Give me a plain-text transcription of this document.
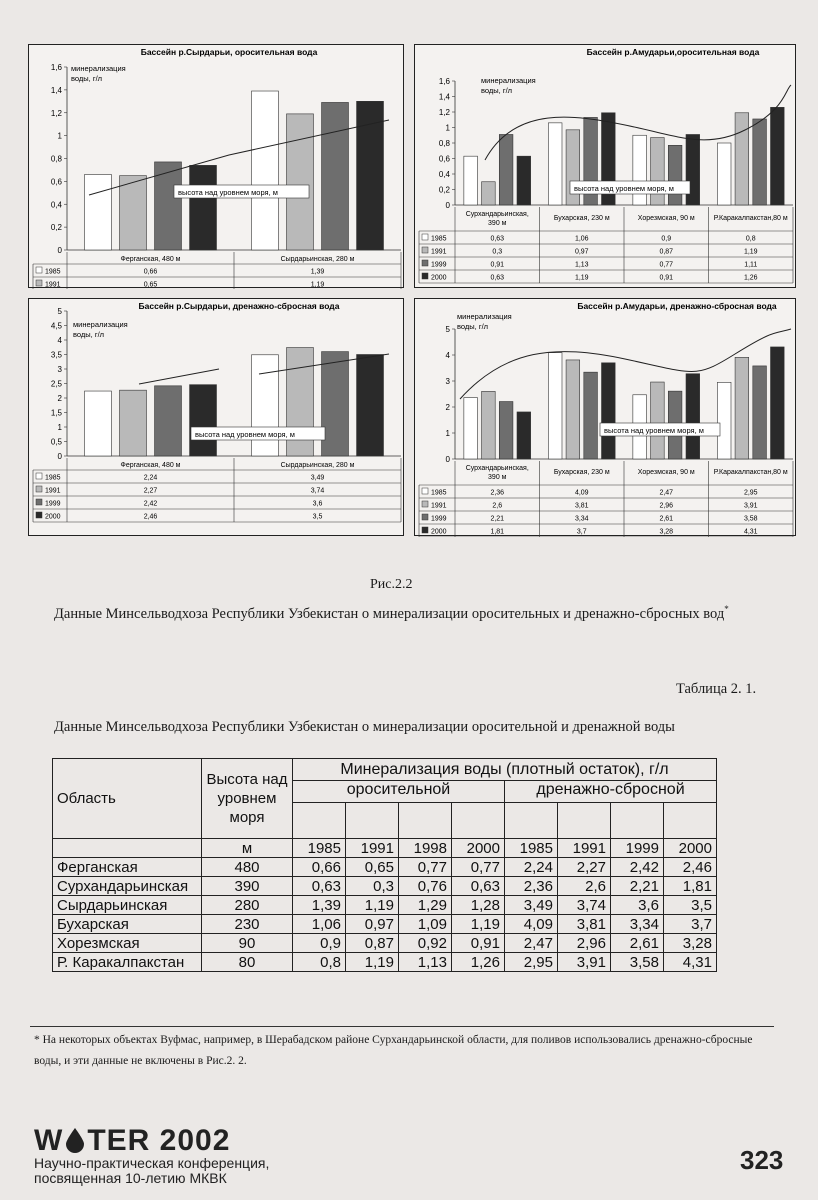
Бассейн р.Сырдарьи, оросительная вода
0
0,2
0,4
0,6
0,8
1
1,2
1,4
1,6 минерализация воды, г/л
высота над уровнем моря, м
Ферганская, 480 м	Сырдарьинская, 280 м
1985	0,66	1,39
1991	0,65	1,19
Бассейн р.Амударьи,оросительная вода
0
0,2
0,4
0,6
0,8
1
1,2
1,4
1,6	минерализация воды, г/л
высота над уровнем моря, м
Сурхандарьинская, 390 м
Бухарская, 230 м	Хорезмская, 90 м	Р.Каракалпакстан,80 м
1985	0,63	1,06	0,9	0,8
1991	0,3	0,97	0,87	1,19
1999	0,91	1,13	0,77	1,11
2000	0,63	1,19	0,91	1,26
Бассейн р.Сырдарьи, дренажно-сбросная вода
0
0,5
1
1,5
2
2,5
3
3,5
4
4,5
5
минерализация воды, г/л
высота над уровнем моря, м
Ферганская, 480 м	Сырдарьинская, 280 м
1985	2,24	3,49
1991	2,27	3,74
1999	2,42	3,6
2000	2,46	3,5
Бассейн р.Амударьи, дренажно-сбросная вода
0
1
2
3
4
5
минерализация воды, г/л
высота над уровнем моря, м
Сурхандарьинская, 390 м
Бухарская, 230 м	Хорезмская, 90 м	Р.Каракалпакстан,80 м
1985	2,36	4,09	2,47	2,95
1991	2,6	3,81	2,96	3,91
1999	2,21	3,34	2,61	3,58
2000	1,81	3,7	3,28	4,31
Рис.2.2
Данные Минсельводхоза Республики Узбекистан о минерализации оросительных и дренажно-сбросных вод*
Таблица 2. 1.
Данные Минсельводхоза Республики Узбекистан о минерализации оросительной и дренажной воды
Область	Высота над уровнем моря	Минерализация воды (плотный остаток), г/л							
		оросительной				дренажно-сбросной			

	м	1985	1991	1998	2000	1985	1991	1999	2000
Ферганская	480	0,66	0,65	0,77	0,77	2,24	2,27	2,42	2,46
Сурхандарьинская	390	0,63	0,3	0,76	0,63	2,36	2,6	2,21	1,81
Сырдарьинская	280	1,39	1,19	1,29	1,28	3,49	3,74	3,6	3,5
Бухарская	230	1,06	0,97	1,09	1,19	4,09	3,81	3,34	3,7
Хорезмская	90	0,9	0,87	0,92	0,91	2,47	2,96	2,61	3,28
Р. Каракалпакстан	80	0,8	1,19	1,13	1,26	2,95	3,91	3,58	4,31
* На некоторых объектах Вуфмас, например, в Шерабадском районе Сурхандарьинской области, для поливов использовались дренажно-сбросные воды, и эти данные не включены в Рис.2. 2.
W TER 2002
Научно-практическая конференция,
посвященная 10-летию МКВК
323
